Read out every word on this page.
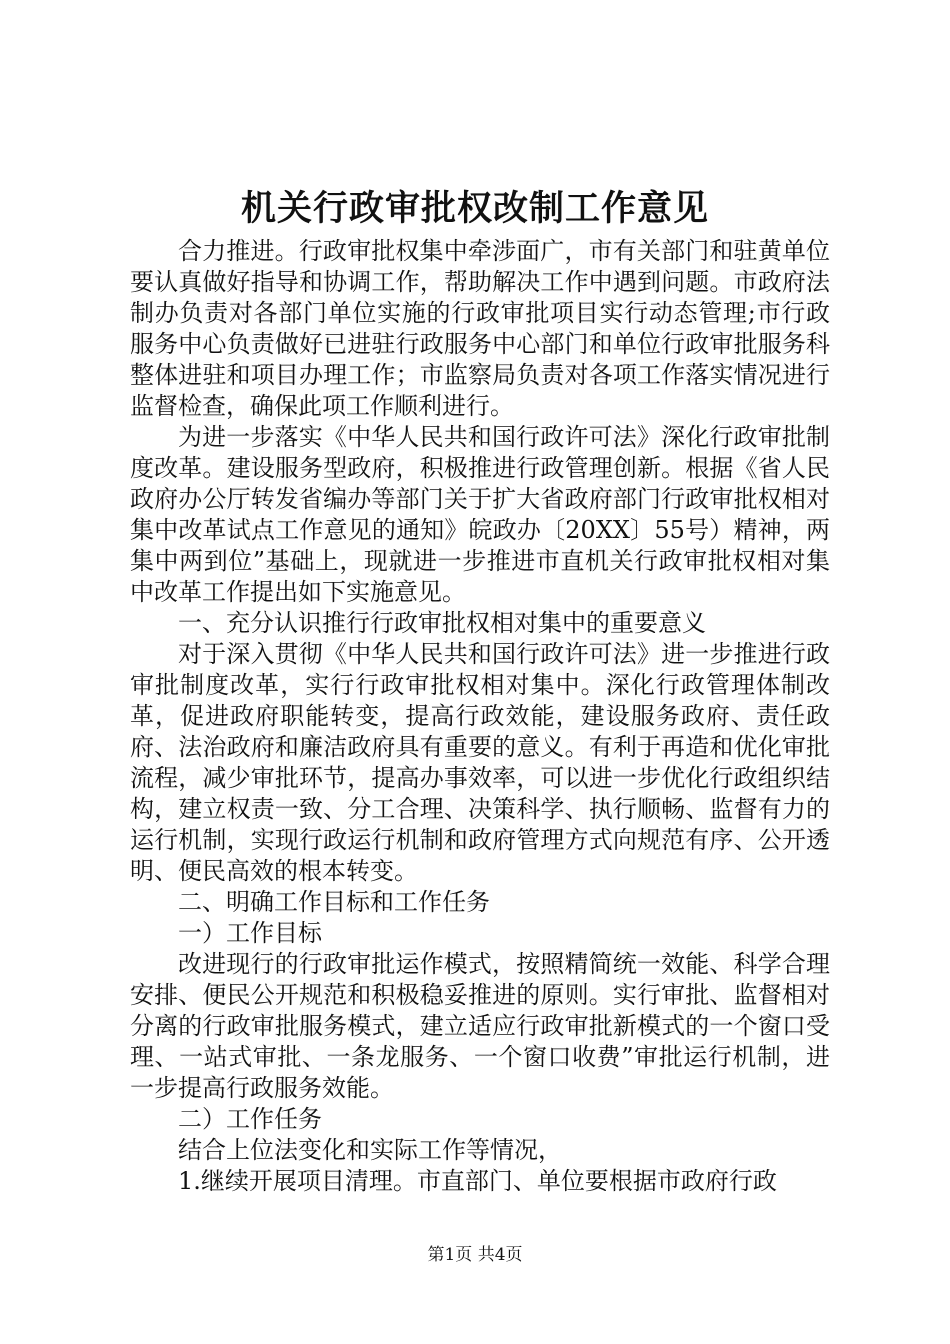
机关行政审批权改制工作意见

合力推进。行政审批权集中牵涉面广，市有关部门和驻黄单位要认真做好指导和协调工作，帮助解决工作中遇到问题。市政府法制办负责对各部门单位实施的行政审批项目实行动态管理;市行政服务中心负责做好已进驻行政服务中心部门和单位行政审批服务科整体进驻和项目办理工作；市监察局负责对各项工作落实情况进行监督检查，确保此项工作顺利进行。

为进一步落实《中华人民共和国行政许可法》深化行政审批制度改革。建设服务型政府，积极推进行政管理创新。根据《省人民政府办公厅转发省编办等部门关于扩大省政府部门行政审批权相对集中改革试点工作意见的通知》皖政办〔20XX〕55号）精神，两集中两到位”基础上，现就进一步推进市直机关行政审批权相对集中改革工作提出如下实施意见。

一、充分认识推行行政审批权相对集中的重要意义

对于深入贯彻《中华人民共和国行政许可法》进一步推进行政审批制度改革，实行行政审批权相对集中。深化行政管理体制改革，促进政府职能转变，提高行政效能，建设服务政府、责任政府、法治政府和廉洁政府具有重要的意义。有利于再造和优化审批流程，减少审批环节，提高办事效率，可以进一步优化行政组织结构，建立权责一致、分工合理、决策科学、执行顺畅、监督有力的运行机制，实现行政运行机制和政府管理方式向规范有序、公开透明、便民高效的根本转变。

二、明确工作目标和工作任务

一）工作目标

改进现行的行政审批运作模式，按照精简统一效能、科学合理安排、便民公开规范和积极稳妥推进的原则。实行审批、监督相对分离的行政审批服务模式，建立适应行政审批新模式的一个窗口受理、一站式审批、一条龙服务、一个窗口收费”审批运行机制，进一步提高行政服务效能。

二）工作任务

结合上位法变化和实际工作等情况，

1.继续开展项目清理。市直部门、单位要根据市政府行政

第1页 共4页
